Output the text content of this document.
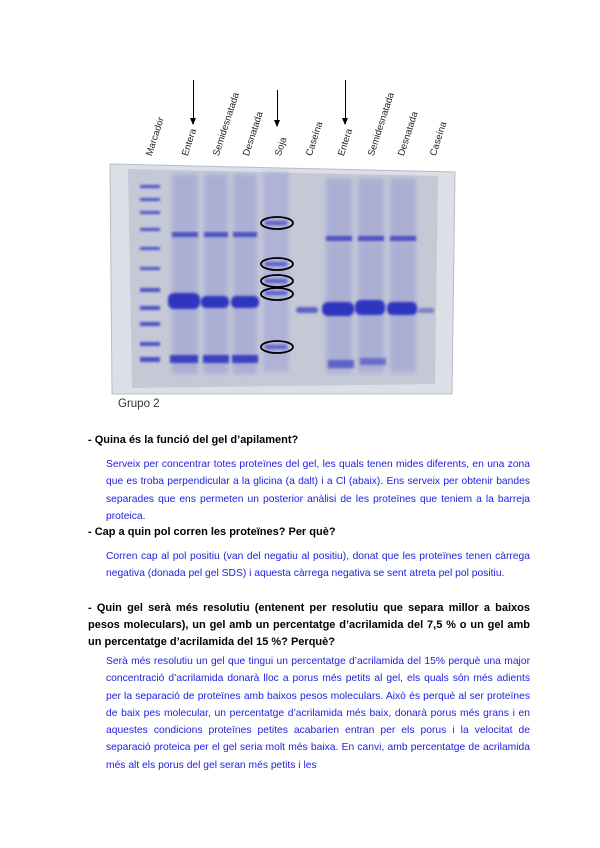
Marcador Entera Semidesnatada Desnatada Soja Caseína Entera Semidesnatada Desnatada Caseína
Grupo 2
- Quina és la funció del gel d’apilament?
Serveix per concentrar totes proteïnes del gel, les quals tenen mides diferents, en una zona que es troba perpendicular a la glicina (a dalt) i a Cl (abaix). Ens serveix per obtenir bandes separades que ens permeten un posterior anàlisi de les proteïnes que teniem a la barreja proteica.
- Cap a quin pol corren les proteïnes? Per què?
Corren cap al pol positiu (van del negatiu al positiu), donat que les proteïnes tenen càrrega negativa (donada pel gel SDS) i aquesta càrrega negativa se sent atreta pel pol positiu.
- Quin gel serà més resolutiu (entenent per resolutiu que separa millor a baixos pesos moleculars), un gel amb un percentatge d’acrilamida del 7,5 % o un gel amb un percentatge d’acrilamida del 15 %? Perquè?
Serà més resolutiu un gel que tingui un percentatge d’acrilamida del 15% perquè una major concentració d’acrilamida donarà lloc a porus més petits al gel, els quals són més adients per la separació de proteïnes amb baixos pesos moleculars. Això és perquè al ser proteïnes de baix pes molecular, un percentatge d’acrilamida més baix, donarà porus més grans i en aquestes condicions proteïnes petites acabarien entran per els porus i la velocitat de separació proteica per el gel seria molt més baixa. En canvi, amb percentatge de acrilamida més alt els porus del gel seran més petits i les
